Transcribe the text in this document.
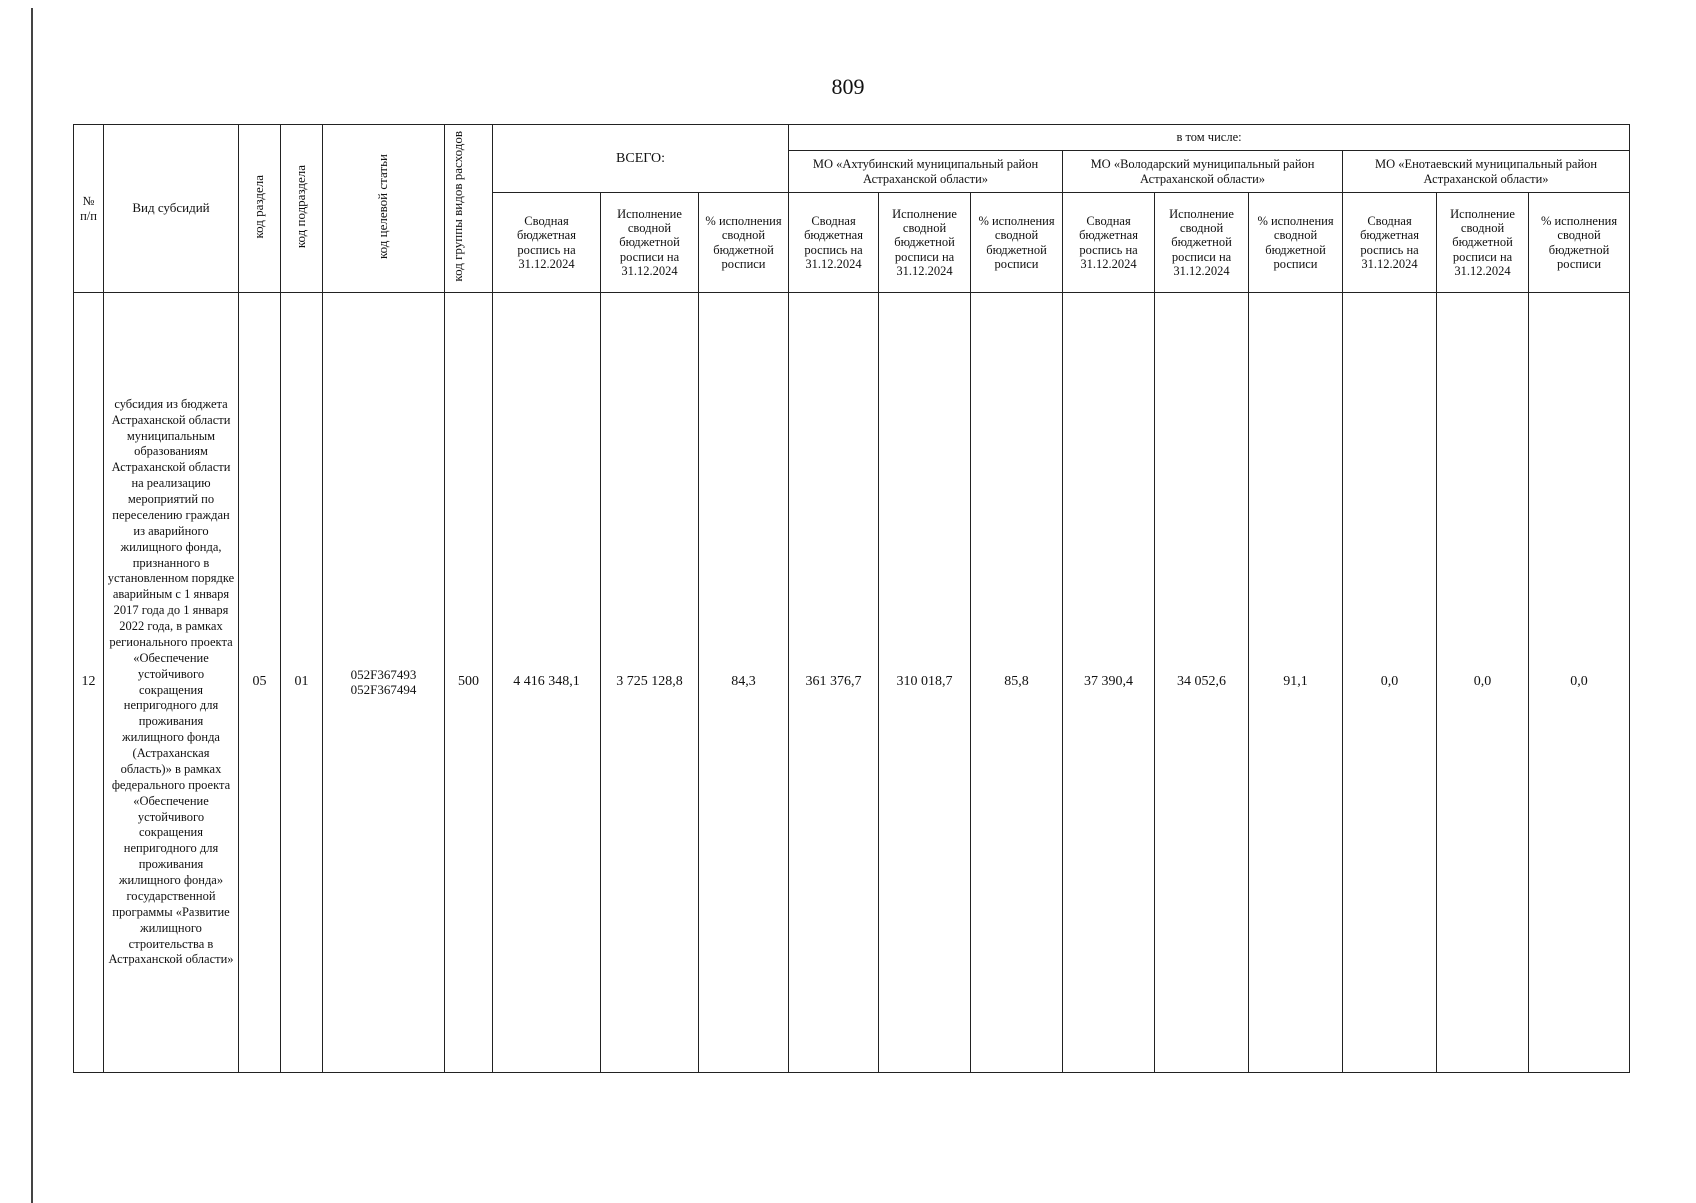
809
№ п/п	Вид субсидий	код раздела	код подраздела	код целевой статьи	код группы видов расходов	ВСЕГО:			в том числе:								
									МО «Ахтубинский муниципальный район Астраханской области»			МО «Володарский муниципальный район Астраханской области»			МО «Енотаевский муниципальный район Астраханской области»		
						Сводная бюджетная роспись на 31.12.2024	Исполнение сводной бюджетной росписи на 31.12.2024	% исполнения сводной бюджетной росписи	Сводная бюджетная роспись на 31.12.2024	Исполнение сводной бюджетной росписи на 31.12.2024	% исполнения сводной бюджетной росписи	Сводная бюджетная роспись на 31.12.2024	Исполнение сводной бюджетной росписи на 31.12.2024	% исполнения сводной бюджетной росписи	Сводная бюджетная роспись на 31.12.2024	Исполнение сводной бюджетной росписи на 31.12.2024	% исполнения сводной бюджетной росписи
12	субсидия из бюджета Астраханской области муниципальным образованиям Астраханской области на реализацию мероприятий по переселению граждан из аварийного жилищного фонда, признанного в установленном порядке аварийным с 1 января 2017 года до 1 января 2022 года, в рамках регионального проекта «Обеспечение устойчивого сокращения непригодного для проживания жилищного фонда (Астраханская область)» в рамках федерального проекта «Обеспечение устойчивого сокращения непригодного для проживания жилищного фонда» государственной программы «Развитие жилищного строительства в Астраханской области»	05	01	052F367493
052F367494	500	4 416 348,1	3 725 128,8	84,3	361 376,7	310 018,7	85,8	37 390,4	34 052,6	91,1	0,0	0,0	0,0
